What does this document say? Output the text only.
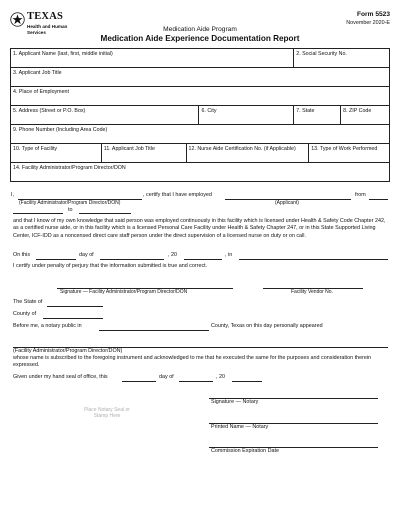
TEXAS
Health and Human Services	Medication Aide Program
Medication Aide Experience Documentation Report
Form 5523
November 2020-E
1. Applicant Name (last, first, middle initial)	2. Social Security No.
3. Applicant Job Title
4. Place of Employment
5. Address (Street or P.O. Box)	6. City	7. State	8. ZIP Code
9. Phone Number (Including Area Code)
10. Type of Facility	11. Applicant Job Title	12. Nurse Aide Certification No. (if Applicable)	13. Type of Work Performed
14. Facility Administrator/Program Director/DON
I,
(Facility Administrator/Program Director/DON)
, certify that I have employed
(Applicant)
from
to
and that I know of my own knowledge that said person was employed continuously in this facility which is licensed under Health & Safety Code Chapter 242, as a certified nurse aide, or in this facility which is a licensed Personal Care Facility under Health & Safety Chapter 247, or in this State Supported Living Center, ICF-IDD as a noncensed direct care staff person under the direct supervision of a licensed nurse on duty or on call.
On this	day of	, 20	, in
I certify under penalty of perjury that the information submitted is true and correct.
Signature — Facility Administrator/Program Director/DON	Facility Vendor No.
The State of
County of
Before me, a notary public in	County, Texas on this day personally appeared
(Facility Administrator/Program Director/DON)
whose name is subscribed to the foregoing instrument and acknowledged to me that he executed the same for the purposes and consideration therein expressed.
Given under my hand seal of office, this	day of	, 20
Place Notary Seal or Stamp Here
Signature — Notary
Printed Name — Notary
Commission Expiration Date
